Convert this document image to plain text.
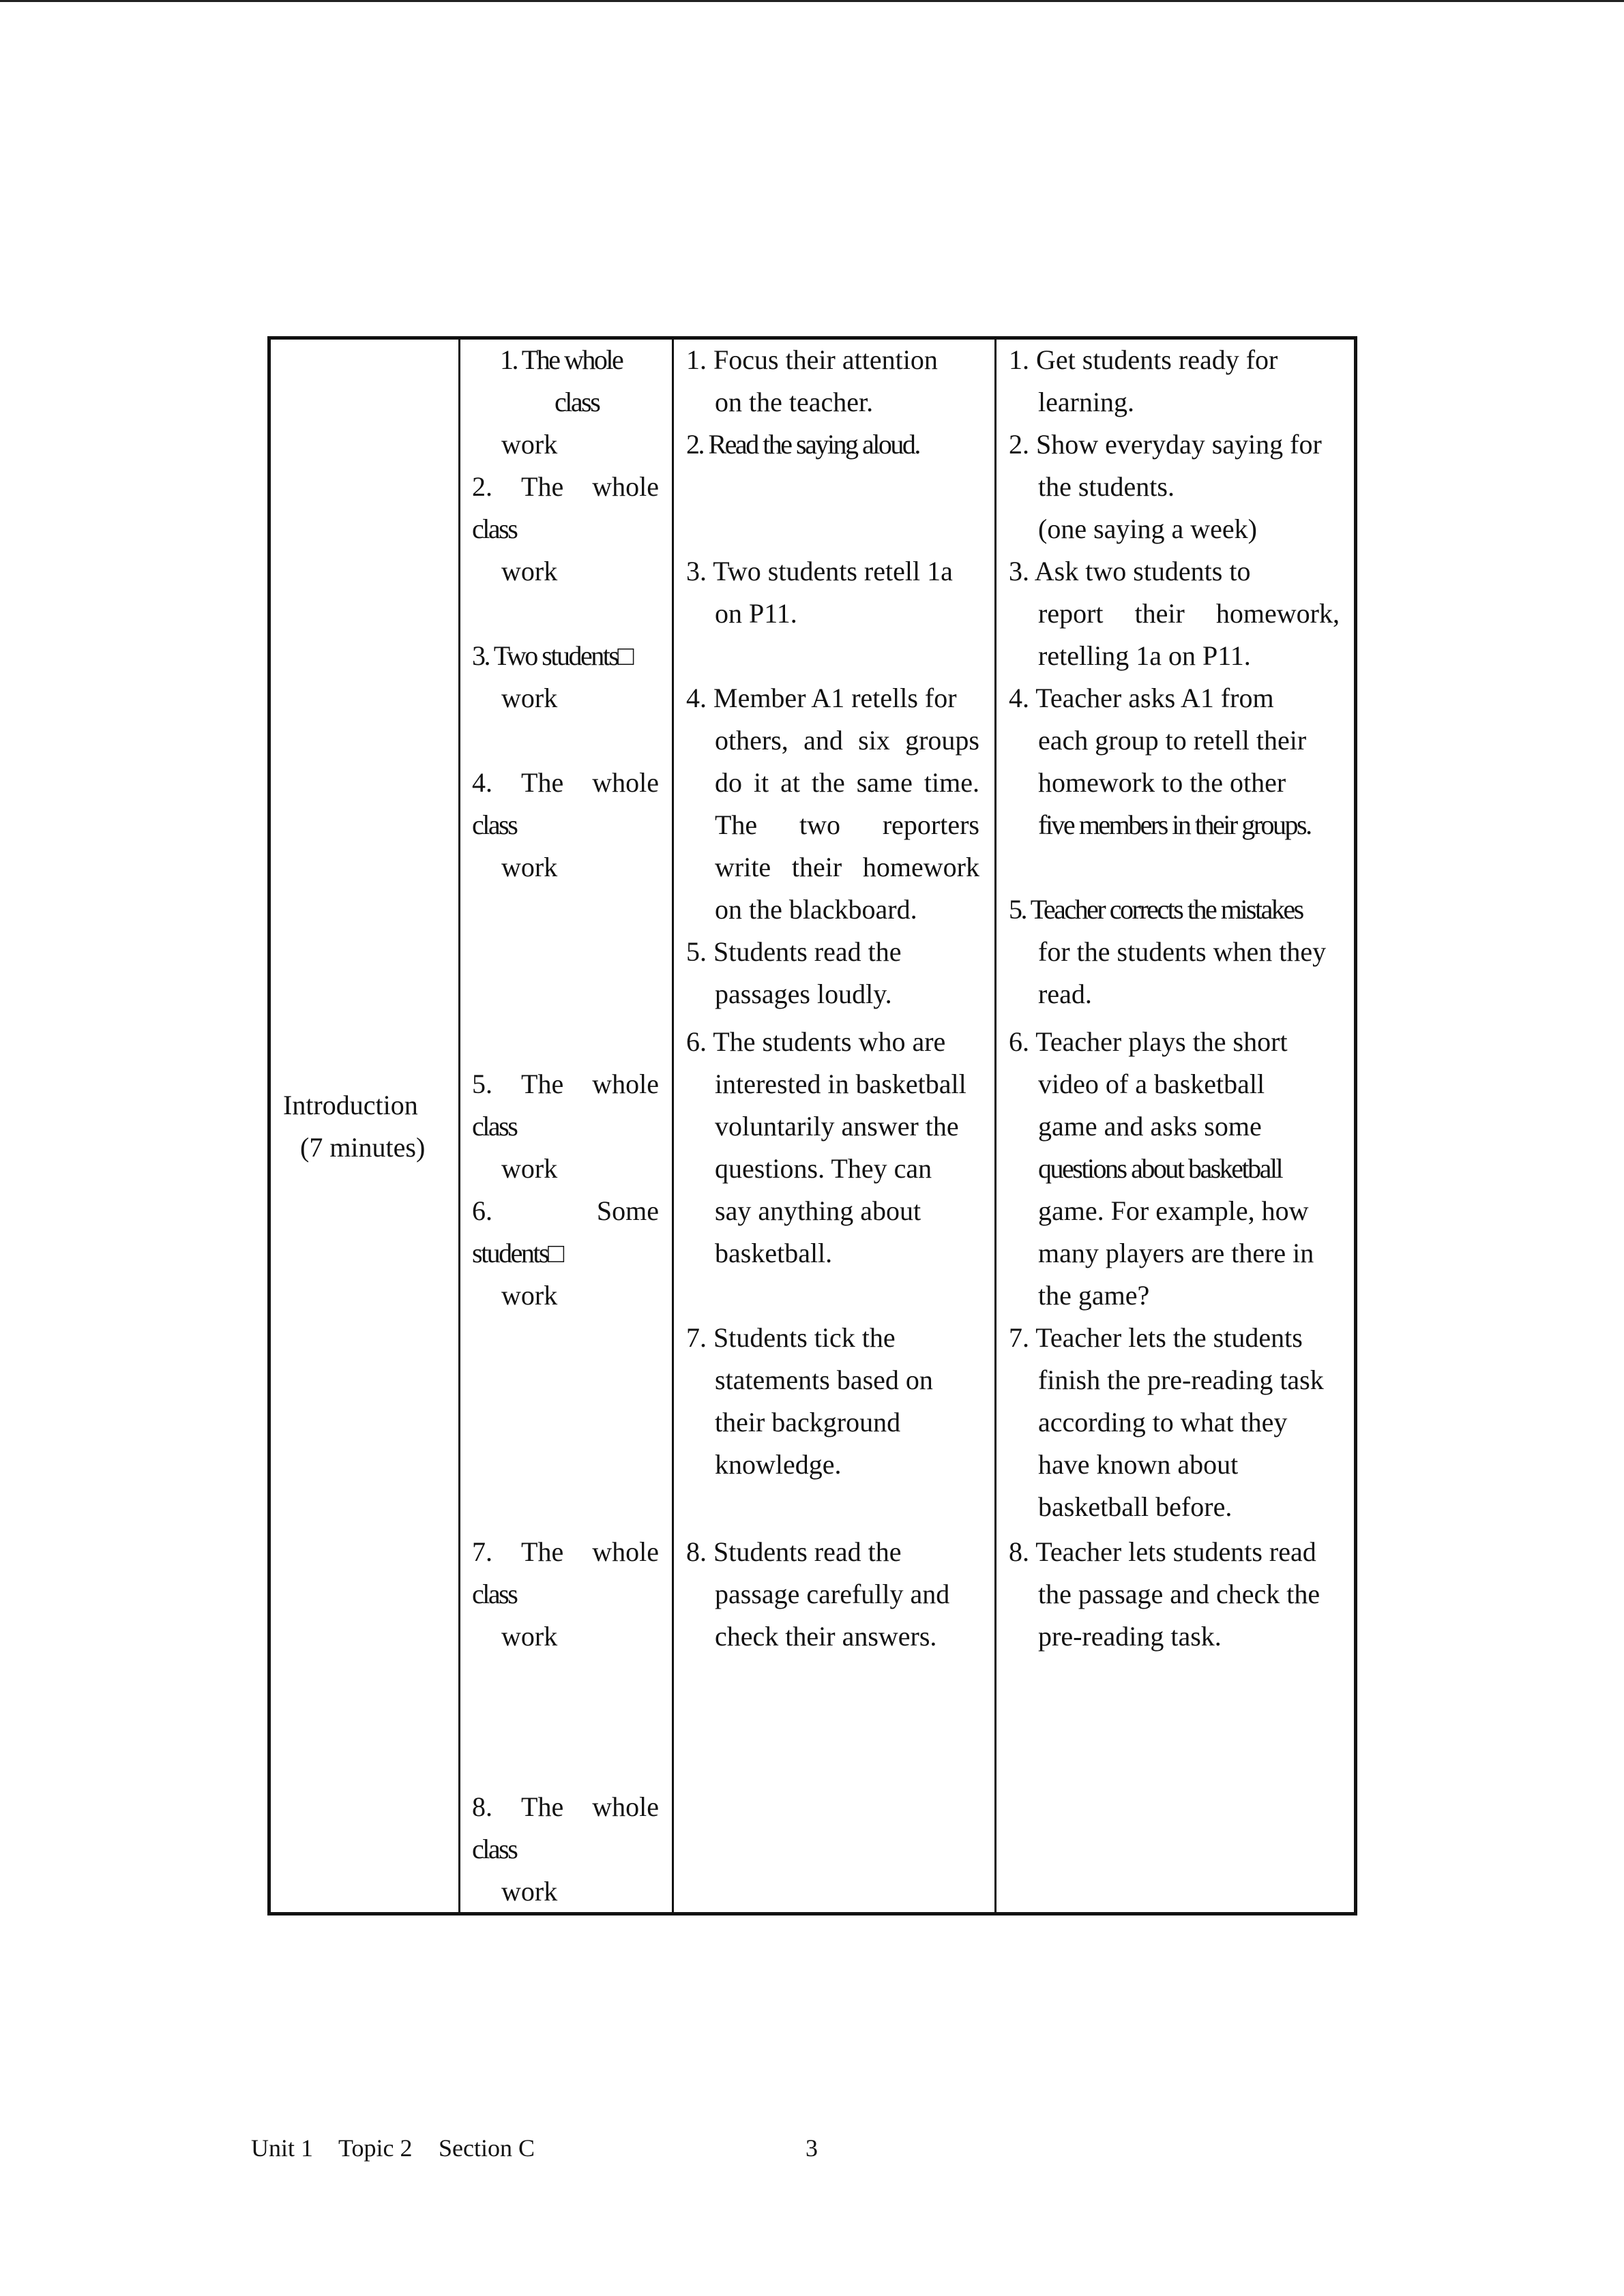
Introduction
(7 minutes)
1. The whole
class
work
2. The whole
class
work
3. Two students□
work
4. The whole
class
work
5. The whole
class
work
6.	Some
students□
work
7. The whole
class
work
8. The whole
class
work
1. Focus their attention
on the teacher.
2. Read the saying aloud.
3. Two students retell 1a
on P11.
4. Member A1 retells for
others, and six groups
do it at the same time.
The two reporters
write their homework
on the blackboard.
5. Students read the
passages loudly.
6. The students who are
interested in basketball
voluntarily answer the
questions. They can
say anything about
basketball.
7. Students tick the
statements based on
their background
knowledge.
8. Students read the
passage carefully and
check their answers.
1. Get students ready for
learning.
2. Show everyday saying for
the students.
(one saying a week)
3. Ask two students to
report their homework,
retelling 1a on P11.
4. Teacher asks A1 from
each group to retell their
homework to the other
five members in their groups.
5. Teacher corrects the mistakes
for the students when they
read.
6. Teacher plays the short
video of a basketball
game and asks some
questions about basketball
game. For example, how
many players are there in
the game?
7. Teacher lets the students
finish the pre-reading task
according to what they
have known about
basketball before.
8. Teacher lets students read
the passage and check the
pre-reading task.
Unit 1 Topic 2 Section C	3
